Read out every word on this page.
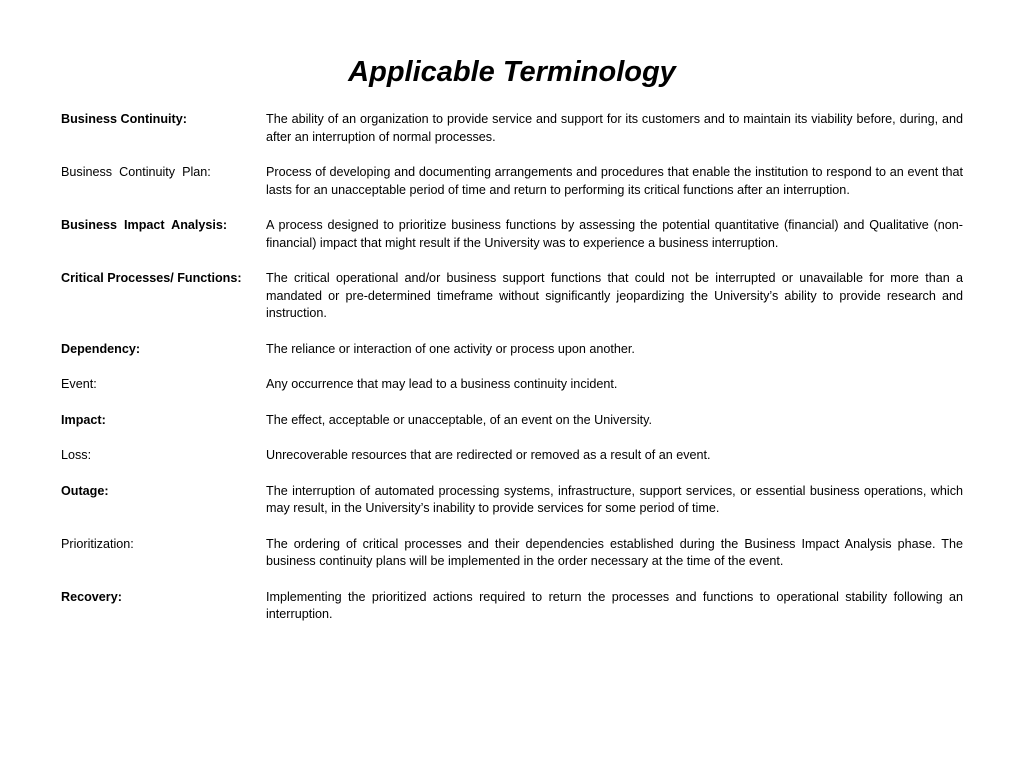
Applicable Terminology
Business Continuity:	The ability of an organization to provide service and support for its customers and to maintain its viability before, during, and after an interruption of normal processes.
Business  Continuity  Plan:	Process of developing and documenting arrangements and procedures that enable the institution to respond to an event that lasts for an unacceptable period of time and return to performing its critical functions after an interruption.
Business  Impact  Analysis:	A process designed to prioritize business functions by assessing the potential quantitative (financial) and Qualitative (non-financial) impact that might result if the University was to experience a business interruption.
Critical Processes/ Functions:	The critical operational and/or business support functions that could not be interrupted or unavailable for more than a mandated or pre-determined timeframe without significantly jeopardizing the University’s ability to provide research and instruction.
Dependency:	The reliance or interaction of one activity or process upon another.
Event:	Any occurrence that may lead to a business continuity incident.
Impact:	The effect, acceptable or unacceptable, of an event on the University.
Loss:	Unrecoverable resources that are redirected or removed as a result of an event.
Outage:	The interruption of automated processing systems, infrastructure, support services, or essential business operations, which may result, in the University’s inability to provide services for some period of time.
Prioritization:	The ordering of critical processes and their dependencies established during the Business Impact Analysis phase. The business continuity plans will be implemented in the order necessary at the time of the event.
Recovery:	Implementing the prioritized actions required to return the processes and functions to operational stability following an interruption.
